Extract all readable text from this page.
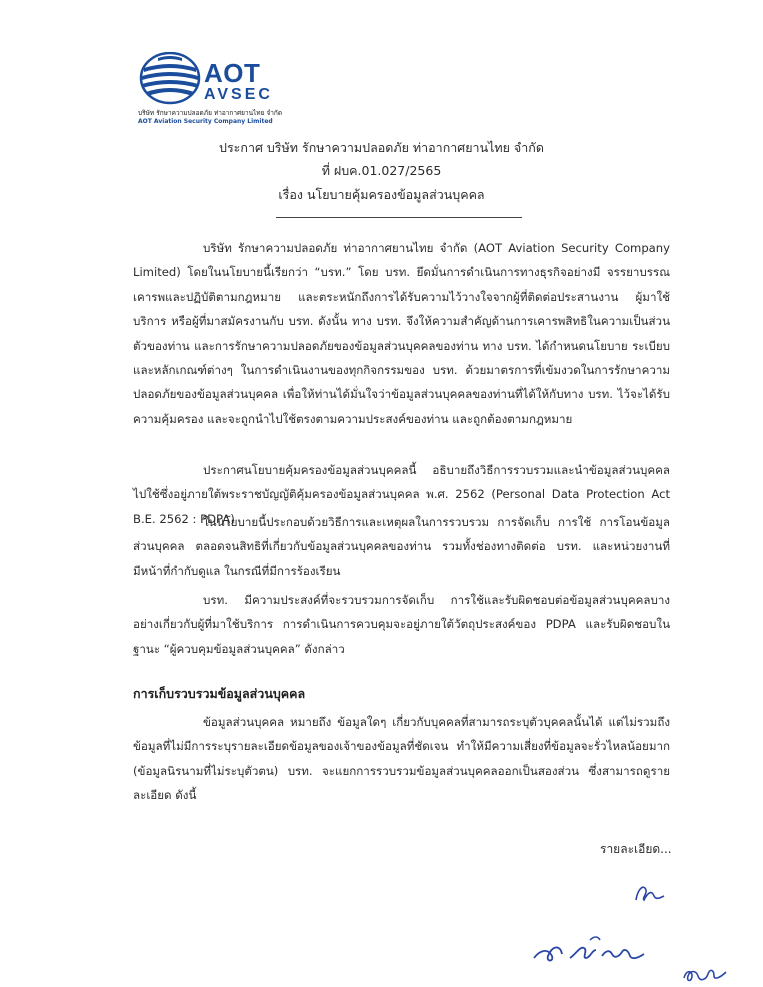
AOT
AVSEC
บริษัท รักษาความปลอดภัย ท่าอากาศยานไทย จำกัด
AOT Aviation Security Company Limited
ประกาศ บริษัท รักษาความปลอดภัย ท่าอากาศยานไทย จำกัด
ที่ ฝบค.01.027/2565
เรื่อง นโยบายคุ้มครองข้อมูลส่วนบุคคล

บริษัท รักษาความปลอดภัย ท่าอากาศยานไทย จำกัด (AOT Aviation Security Company Limited) โดยในนโยบายนี้เรียกว่า “บรท.” โดย บรท. ยึดมั่นการดำเนินการทางธุรกิจอย่างมี จรรยาบรรณ เคารพและปฏิบัติตามกฎหมาย และตระหนักถึงการได้รับความไว้วางใจจากผู้ที่ติดต่อประสานงาน ผู้มาใช้บริการ หรือผู้ที่มาสมัครงานกับ บรท. ดังนั้น ทาง บรท. จึงให้ความสำคัญด้านการเคารพสิทธิในความเป็นส่วนตัวของท่าน และการรักษาความปลอดภัยของข้อมูลส่วนบุคคลของท่าน ทาง บรท. ได้กำหนดนโยบาย ระเบียบ และหลักเกณฑ์ต่างๆ ในการดำเนินงานของทุกกิจกรรมของ บรท. ด้วยมาตรการที่เข้มงวดในการรักษาความปลอดภัยของข้อมูลส่วนบุคคล เพื่อให้ท่านได้มั่นใจว่าข้อมูลส่วนบุคคลของท่านที่ได้ให้กับทาง บรท. ไว้จะได้รับความคุ้มครอง และจะถูกนำไปใช้ตรงตามความประสงค์ของท่าน และถูกต้องตามกฎหมาย

ประกาศนโยบายคุ้มครองข้อมูลส่วนบุคคลนี้ อธิบายถึงวิธีการรวบรวมและนำข้อมูลส่วนบุคคลไปใช้ซึ่งอยู่ภายใต้พระราชบัญญัติคุ้มครองข้อมูลส่วนบุคคล พ.ศ. 2562 (Personal Data Protection Act B.E. 2562 : PDPA)

ในนโยบายนี้ประกอบด้วยวิธีการและเหตุผลในการรวบรวม การจัดเก็บ การใช้ การโอนข้อมูลส่วนบุคคล ตลอดจนสิทธิที่เกี่ยวกับข้อมูลส่วนบุคคลของท่าน รวมทั้งช่องทางติดต่อ บรท. และหน่วยงานที่มีหน้าที่กำกับดูแล ในกรณีที่มีการร้องเรียน

บรท. มีความประสงค์ที่จะรวบรวมการจัดเก็บ การใช้และรับผิดชอบต่อข้อมูลส่วนบุคคลบางอย่างเกี่ยวกับผู้ที่มาใช้บริการ การดำเนินการควบคุมจะอยู่ภายใต้วัตถุประสงค์ของ PDPA และรับผิดชอบในฐานะ “ผู้ควบคุมข้อมูลส่วนบุคคล” ดังกล่าว

การเก็บรวบรวมข้อมูลส่วนบุคคล

ข้อมูลส่วนบุคคล หมายถึง ข้อมูลใดๆ เกี่ยวกับบุคคลที่สามารถระบุตัวบุคคลนั้นได้ แต่ไม่รวมถึงข้อมูลที่ไม่มีการระบุรายละเอียดข้อมูลของเจ้าของข้อมูลที่ชัดเจน ทำให้มีความเสี่ยงที่ข้อมูลจะรั่วไหลน้อยมาก (ข้อมูลนิรนามที่ไม่ระบุตัวตน) บรท. จะแยกการรวบรวมข้อมูลส่วนบุคคลออกเป็นสองส่วน ซึ่งสามารถดูรายละเอียด ดังนี้

รายละเอียด...
